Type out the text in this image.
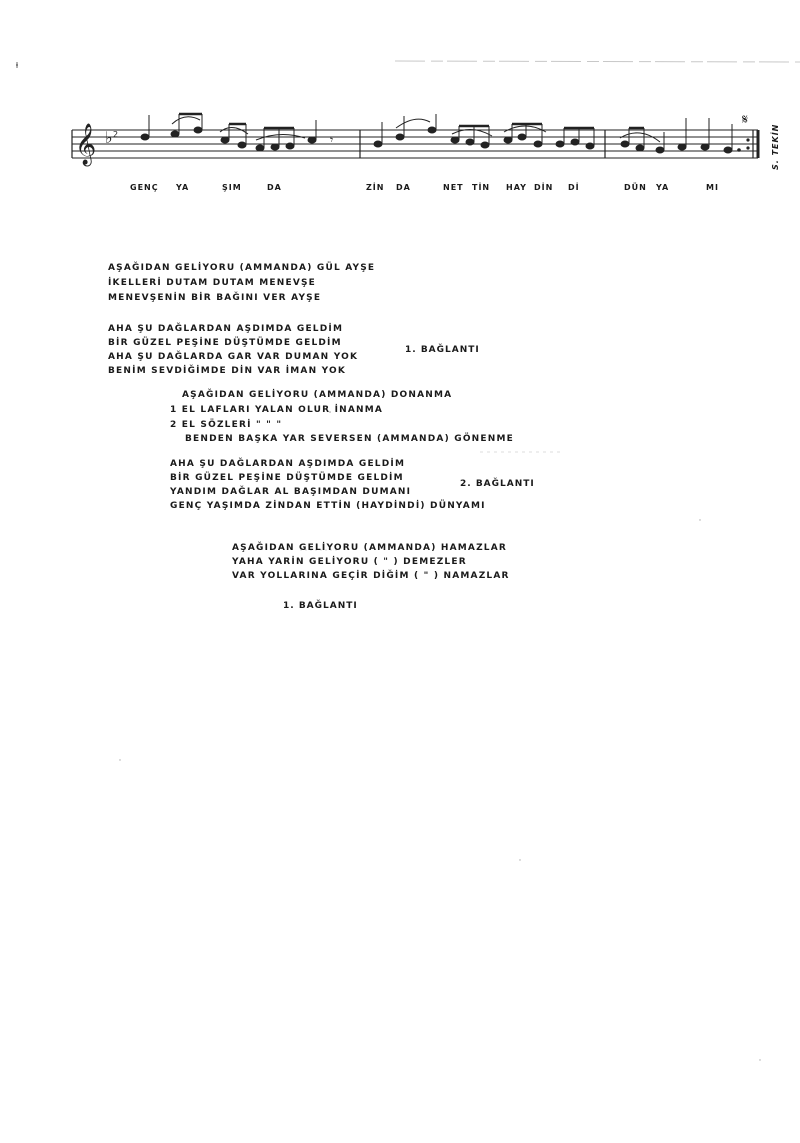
𝄞 ♭ 2	𝄾
𝄋
S. TEKİN
GENÇ YA	ŞIM	DA	ZİN DA	NET TİN HAY DİN Dİ	DÜN YA	MI
AŞAĞIDAN GELİYORU (AMMANDA) GÜL AYŞE
İKELLERİ DUTAM DUTAM MENEVŞE
MENEVŞENİN BİR BAĞINI VER AYŞE
AHA ŞU DAĞLARDAN AŞDIMDA GELDİM
BİR GÜZEL PEŞİNE DÜŞTÜMDE GELDİM
AHA ŞU DAĞLARDA GAR VAR DUMAN YOK
BENİM SEVDİĞİMDE DİN VAR İMAN YOK
1. BAĞLANTI
AŞAĞIDAN GELİYORU (AMMANDA) DONANMA
1 EL LAFLARI YALAN OLUR İNANMA
2 EL SÖZLERİ " " "
BENDEN BAŞKA YAR SEVERSEN (AMMANDA) GÖNENME
AHA ŞU DAĞLARDAN AŞDIMDA GELDİM
BİR GÜZEL PEŞİNE DÜŞTÜMDE GELDİM
YANDIM DAĞLAR AL BAŞIMDAN DUMANI
GENÇ YAŞIMDA ZİNDAN ETTİN (HAYDİNDİ) DÜNYAMI
2. BAĞLANTI
AŞAĞIDAN GELİYORU (AMMANDA) HAMAZLAR
YAHA YARİN GELİYORU ( " ) DEMEZLER
VAR YOLLARINA GEÇİR DİĞİM ( " ) NAMAZLAR
1. BAĞLANTI
